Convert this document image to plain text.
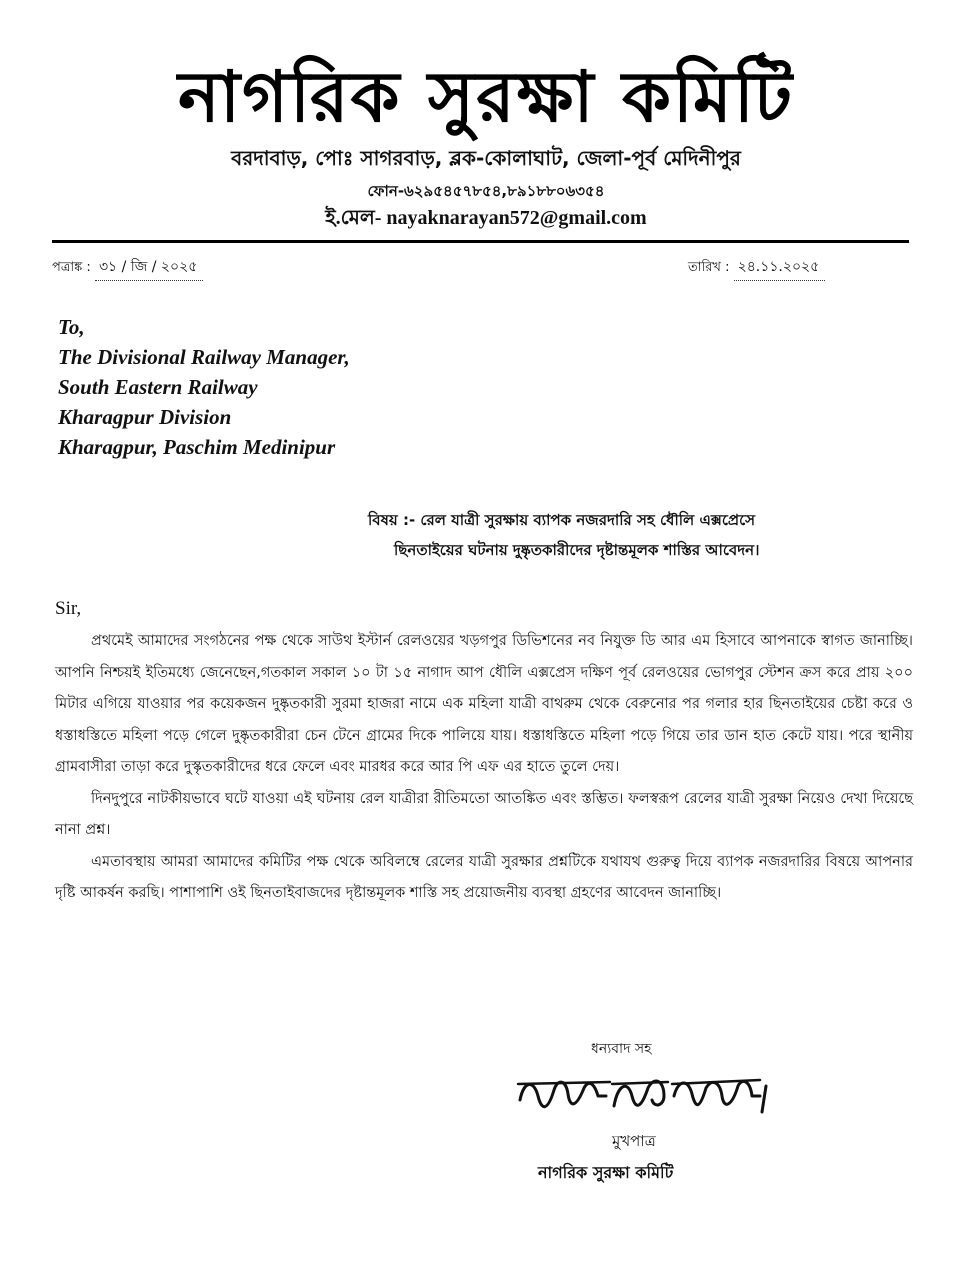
নাগরিক সুরক্ষা কমিটি
বরদাবাড়, পোঃ সাগরবাড়, ব্লক-কোলাঘাট, জেলা-পূর্ব মেদিনীপুর
ফোন-৬২৯৫৪৫৭৮৫৪,৮৯১৮৮০৬৩৫৪
ই.মেল- nayaknarayan572@gmail.com
পত্রাঙ্ক : ৩১ / জি / ২০২৫	তারিখ : ২৪.১১.২০২৫
To,
The Divisional Railway Manager,
South Eastern Railway
Kharagpur Division
Kharagpur, Paschim Medinipur
বিষয় :- রেল যাত্রী সুরক্ষায় ব্যাপক নজরদারি সহ ধৌলি এক্সপ্রেসে
ছিনতাইয়ের ঘটনায় দুষ্কৃতকারীদের দৃষ্টান্তমূলক শাস্তির আবেদন।
Sir,

প্রথমেই আমাদের সংগঠনের পক্ষ থেকে সাউথ ইস্টার্ন রেলওয়ের খড়গপুর ডিভিশনের নব নিযুক্ত ডি আর এম হিসাবে আপনাকে স্বাগত জানাচ্ছি। আপনি নিশ্চয়ই ইতিমধ্যে জেনেছেন,গতকাল সকাল ১০ টা ১৫ নাগাদ আপ ধৌলি এক্সপ্রেস দক্ষিণ পূর্ব রেলওয়ের ভোগপুর স্টেশন ক্রস করে প্রায় ২০০ মিটার এগিয়ে যাওয়ার পর কয়েকজন দুষ্কৃতকারী সুরমা হাজরা নামে এক মহিলা যাত্রী বাথরুম থেকে বেরুনোর পর গলার হার ছিনতাইয়ের চেষ্টা করে ও ধস্তাধস্তিতে মহিলা পড়ে গেলে দুষ্কৃতকারীরা চেন টেনে গ্রামের দিকে পালিয়ে যায়। ধস্তাধস্তিতে মহিলা পড়ে গিয়ে তার ডান হাত কেটে যায়। পরে স্থানীয় গ্রামবাসীরা তাড়া করে দুস্কৃতকারীদের ধরে ফেলে এবং মারধর করে আর পি এফ এর হাতে তুলে দেয়।

দিনদুপুরে নাটকীয়ভাবে ঘটে যাওয়া এই ঘটনায় রেল যাত্রীরা রীতিমতো আতঙ্কিত এবং স্তম্ভিত। ফলস্বরূপ রেলের যাত্রী সুরক্ষা নিয়েও দেখা দিয়েছে নানা প্রশ্ন।

এমতাবস্থায় আমরা আমাদের কমিটির পক্ষ থেকে অবিলম্বে রেলের যাত্রী সুরক্ষার প্রশ্নটিকে যথাযথ গুরুত্ব দিয়ে ব্যাপক নজরদারির বিষয়ে আপনার দৃষ্টি আকর্ষন করছি। পাশাপাশি ওই ছিনতাইবাজদের দৃষ্টান্তমূলক শাস্তি সহ প্রয়োজনীয় ব্যবস্থা গ্রহণের আবেদন জানাচ্ছি।

ধন্যবাদ সহ
মুখপাত্র
নাগরিক সুরক্ষা কমিটি
